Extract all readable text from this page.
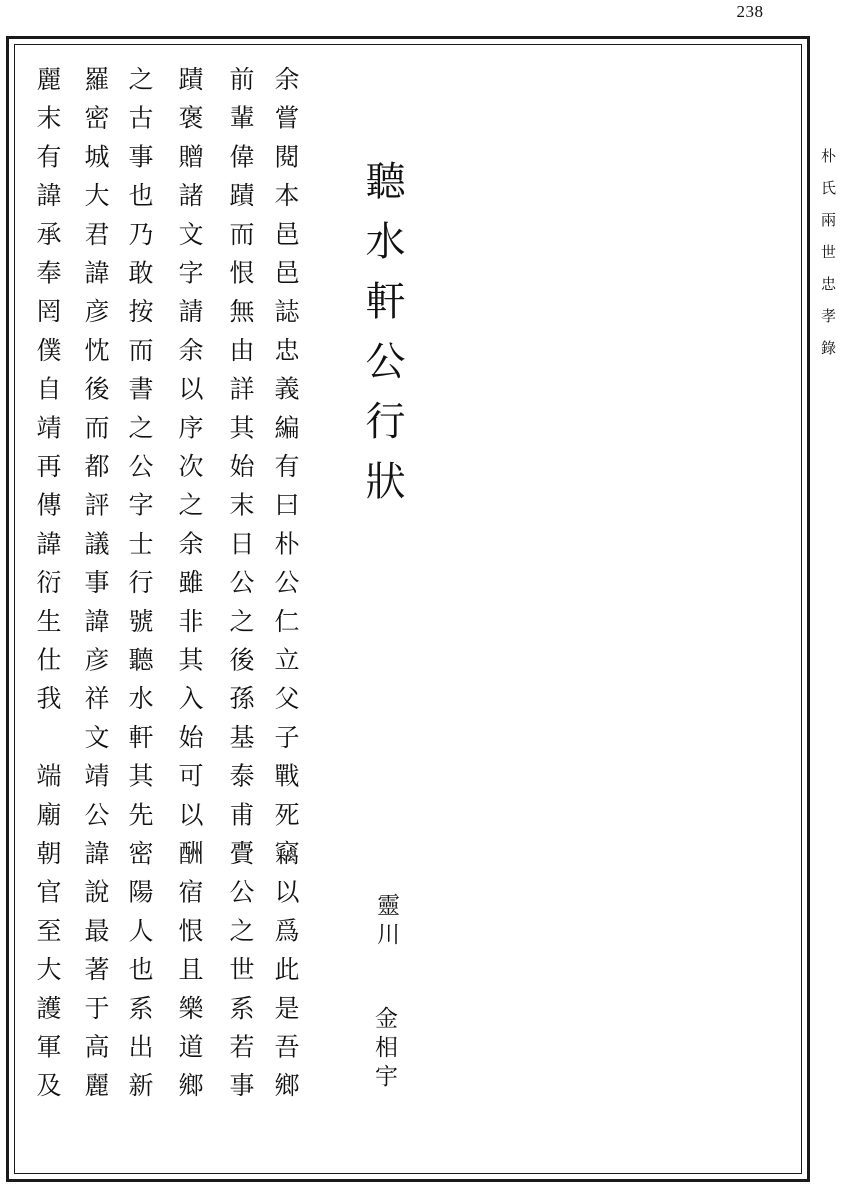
238
聽水軒公行狀
靈川
金相宇
余嘗閱本邑邑誌忠義編有曰朴公仁立父子戰死竊以爲此是吾鄉
前輩偉蹟而恨無由詳其始末日公之後孫基泰甫賷公之世系若事
蹟褒贈諸文字請余以序次之余雖非其入始可以酬宿恨且樂道鄉
之古事也乃敢按而書之公字士行號聽水軒其先密陽人也系出新
羅密城大君諱彦忱後而都評議事諱彦祥文靖公諱說最著于高麗
麗末有諱承奉罔僕自靖再傳諱衍生仕我　端廟朝官至大護軍及	朴氏兩世忠孝錄
